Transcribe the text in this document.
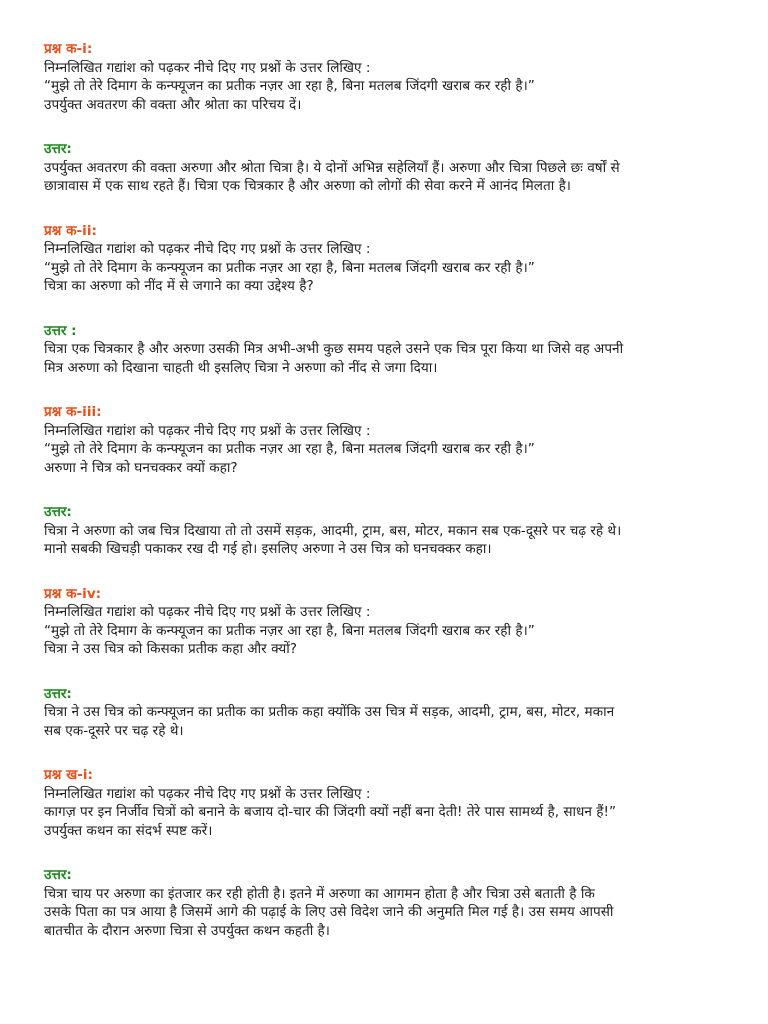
प्रश्न क-i:
निम्नलिखित गद्यांश को पढ़कर नीचे दिए गए प्रश्नों के उत्तर लिखिए :
“मुझे तो तेरे दिमाग के कन्फ्यूजन का प्रतीक नज़र आ रहा है, बिना मतलब जिंदगी खराब कर रही है।”
उपर्युक्त अवतरण की वक्ता और श्रोता का परिचय दें।
उत्तर:
उपर्युक्त अवतरण की वक्ता अरुणा और श्रोता चित्रा है। ये दोनों अभिन्न सहेलियाँ हैं। अरुणा और चित्रा पिछले छः वर्षों से
छात्रावास में एक साथ रहते हैं। चित्रा एक चित्रकार है और अरुणा को लोगों की सेवा करने में आनंद मिलता है।
प्रश्न क-ii:
निम्नलिखित गद्यांश को पढ़कर नीचे दिए गए प्रश्नों के उत्तर लिखिए :
“मुझे तो तेरे दिमाग के कन्फ्यूजन का प्रतीक नज़र आ रहा है, बिना मतलब जिंदगी खराब कर रही है।”
चित्रा का अरुणा को नींद में से जगाने का क्या उद्देश्य है?
उत्तर :
चित्रा एक चित्रकार है और अरुणा उसकी मित्र अभी-अभी कुछ समय पहले उसने एक चित्र पूरा किया था जिसे वह अपनी
मित्र अरुणा को दिखाना चाहती थी इसलिए चित्रा ने अरुणा को नींद से जगा दिया।
प्रश्न क-iii:
निम्नलिखित गद्यांश को पढ़कर नीचे दिए गए प्रश्नों के उत्तर लिखिए :
“मुझे तो तेरे दिमाग के कन्फ्यूजन का प्रतीक नज़र आ रहा है, बिना मतलब जिंदगी खराब कर रही है।”
अरुणा ने चित्र को घनचक्कर क्यों कहा?
उत्तर:
चित्रा ने अरुणा को जब चित्र दिखाया तो तो उसमें सड़क, आदमी, ट्राम, बस, मोटर, मकान सब एक-दूसरे पर चढ़ रहे थे।
मानो सबकी खिचड़ी पकाकर रख दी गई हो। इसलिए अरुणा ने उस चित्र को घनचक्कर कहा।
प्रश्न क-iv:
निम्नलिखित गद्यांश को पढ़कर नीचे दिए गए प्रश्नों के उत्तर लिखिए :
“मुझे तो तेरे दिमाग के कन्फ्यूजन का प्रतीक नज़र आ रहा है, बिना मतलब जिंदगी खराब कर रही है।”
चित्रा ने उस चित्र को किसका प्रतीक कहा और क्यों?
उत्तर:
चित्रा ने उस चित्र को कन्फ्यूजन का प्रतीक का प्रतीक कहा क्योंकि उस चित्र में सड़क, आदमी, ट्राम, बस, मोटर, मकान
सब एक-दूसरे पर चढ़ रहे थे।
प्रश्न ख-i:
निम्नलिखित गद्यांश को पढ़कर नीचे दिए गए प्रश्नों के उत्तर लिखिए :
कागज़ पर इन निर्जीव चित्रों को बनाने के बजाय दो-चार की जिंदगी क्यों नहीं बना देती! तेरे पास सामर्थ्य है, साधन हैं!”
उपर्युक्त कथन का संदर्भ स्पष्ट करें।
उत्तर:
चित्रा चाय पर अरुणा का इंतजार कर रही होती है। इतने में अरुणा का आगमन होता है और चित्रा उसे बताती है कि
उसके पिता का पत्र आया है जिसमें आगे की पढ़ाई के लिए उसे विदेश जाने की अनुमति मिल गई है। उस समय आपसी
बातचीत के दौरान अरुणा चित्रा से उपर्युक्त कथन कहती है।
